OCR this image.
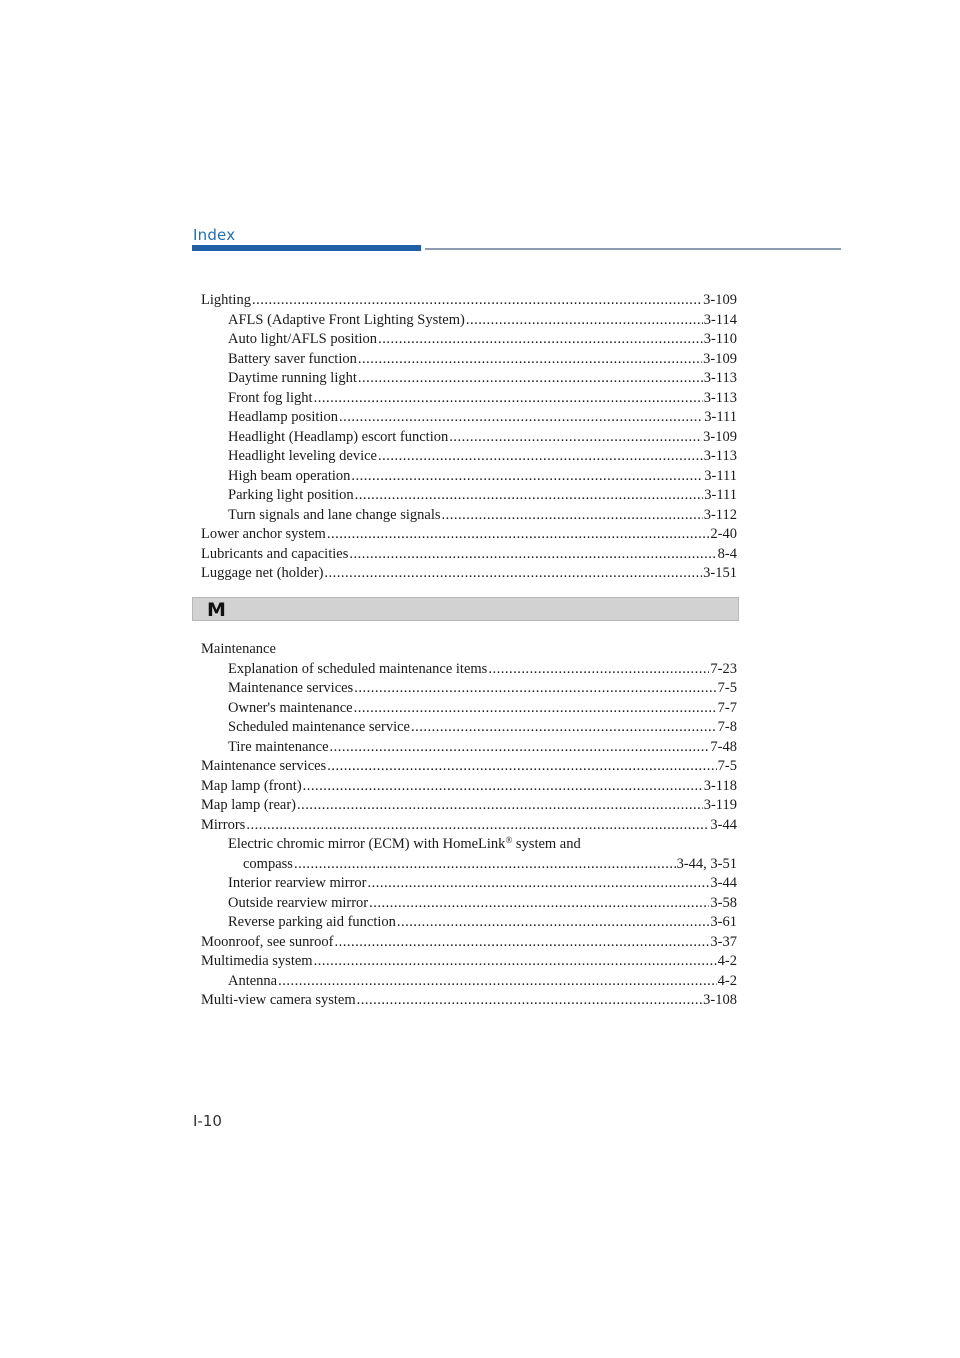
Index
Lighting .....	3-109
AFLS (Adaptive Front Lighting System) .....	3-114
Auto light/AFLS position .....	3-110
Battery saver function .....	3-109
Daytime running light .....	3-113
Front fog light .....	3-113
Headlamp position .....	3-111
Headlight (Headlamp) escort function .....	3-109
Headlight leveling device .....	3-113
High beam operation .....	3-111
Parking light position .....	3-111
Turn signals and lane change signals .....	3-112
Lower anchor system .....	2-40
Lubricants and capacities .....	8-4
Luggage net (holder) .....	3-151
M
Maintenance
Explanation of scheduled maintenance items .....	7-23
Maintenance services .....	7-5
Owner's maintenance .....	7-7
Scheduled maintenance service .....	7-8
Tire maintenance .....	7-48
Maintenance services .....	7-5
Map lamp (front) .....	3-118
Map lamp (rear) .....	3-119
Mirrors .....	3-44
Electric chromic mirror (ECM) with HomeLink® system and
compass .....	3-44, 3-51
Interior rearview mirror .....	3-44
Outside rearview mirror .....	3-58
Reverse parking aid function .....	3-61
Moonroof, see sunroof .....	3-37
Multimedia system .....	4-2
Antenna .....	4-2
Multi-view camera system .....	3-108
I-10
